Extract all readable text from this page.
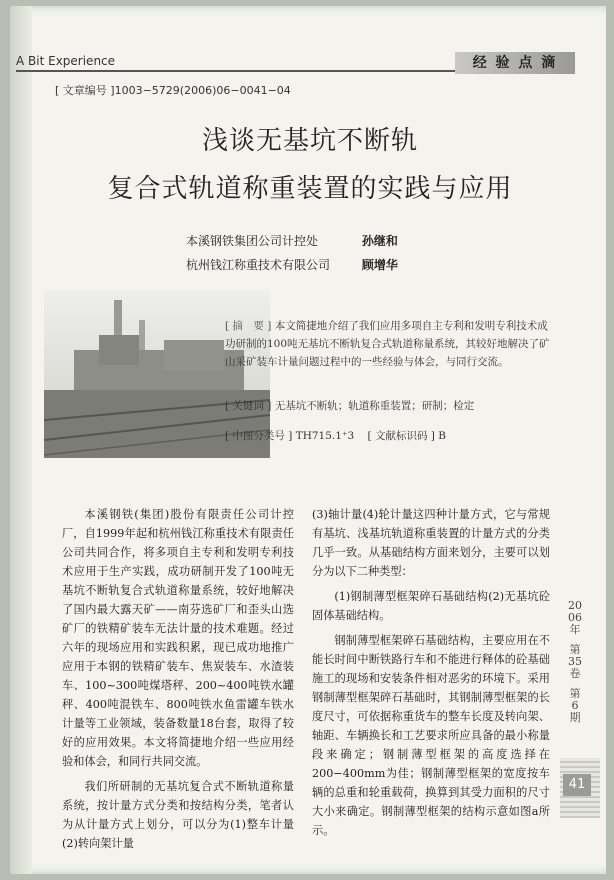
A Bit Experience	经 验 点 滴
[ 文章编号 ]1003−5729(2006)06−0041−04
浅谈无基坑不断轨
复合式轨道称重装置的实践与应用
本溪钢铁集团公司计控处	孙继和
杭州钱江称重技术有限公司	顾增华
[ 摘　要 ] 本文简捷地介绍了我们应用多项自主专利和发明专利技术成功研制的100吨无基坑不断轨复合式轨道称量系统，其较好地解决了矿山采矿装车计量问题过程中的一些经验与体会，与同行交流。
[ 关键词 ] 无基坑不断轨；轨道称重装置；研制；检定
[ 中图分类号 ] TH715.1⁺3 [ 文献标识码 ] B

本溪钢铁(集团)股份有限责任公司计控厂，自1999年起和杭州钱江称重技术有限责任公司共同合作，将多项自主专利和发明专利技术应用于生产实践，成功研制开发了100吨无基坑不断轨复合式轨道称量系统，较好地解决了国内最大露天矿——南芬选矿厂和歪头山选矿厂的铁精矿装车无法计量的技术难题。经过六年的现场应用和实践积累，现已成功地推广应用于本钢的铁精矿装车、焦炭装车、水渣装车、100~300吨煤塔秤、200~400吨铁水罐秤、400吨混铁车、800吨铁水鱼雷罐车铁水计量等工业领域，装备数量18台套，取得了较好的应用效果。本文将简捷地介绍一些应用经验和体会，和同行共同交流。

我们所研制的无基坑复合式不断轨道称量系统，按计量方式分类和按结构分类，笔者认为从计量方式上划分，可以分为(1)整车计量(2)转向架计量

(3)轴计量(4)轮计量这四种计量方式，它与常规有基坑、浅基坑轨道称重装置的计量方式的分类几乎一致。从基础结构方面来划分，主要可以划分为以下二种类型：

(1)钢制薄型框架碎石基础结构(2)无基坑砼固体基础结构。

钢制薄型框架碎石基础结构，主要应用在不能长时间中断铁路行车和不能进行释体的砼基础施工的现场和安装条件相对恶劣的环境下。采用钢制薄型框架碎石基础时，其钢制薄型框架的长度尺寸，可依据称重货车的整车长度及转向架、轴距、车辆换长和工艺要求所应具备的最小称量段来确定；钢制薄型框架的高度选择在200−400mm为佳；钢制薄型框架的宽度按车辆的总重和轮重载荷，换算到其受力面积的尺寸大小来确定。钢制薄型框架的结构示意如图a所示。

2006年
第35卷
第6期
41
